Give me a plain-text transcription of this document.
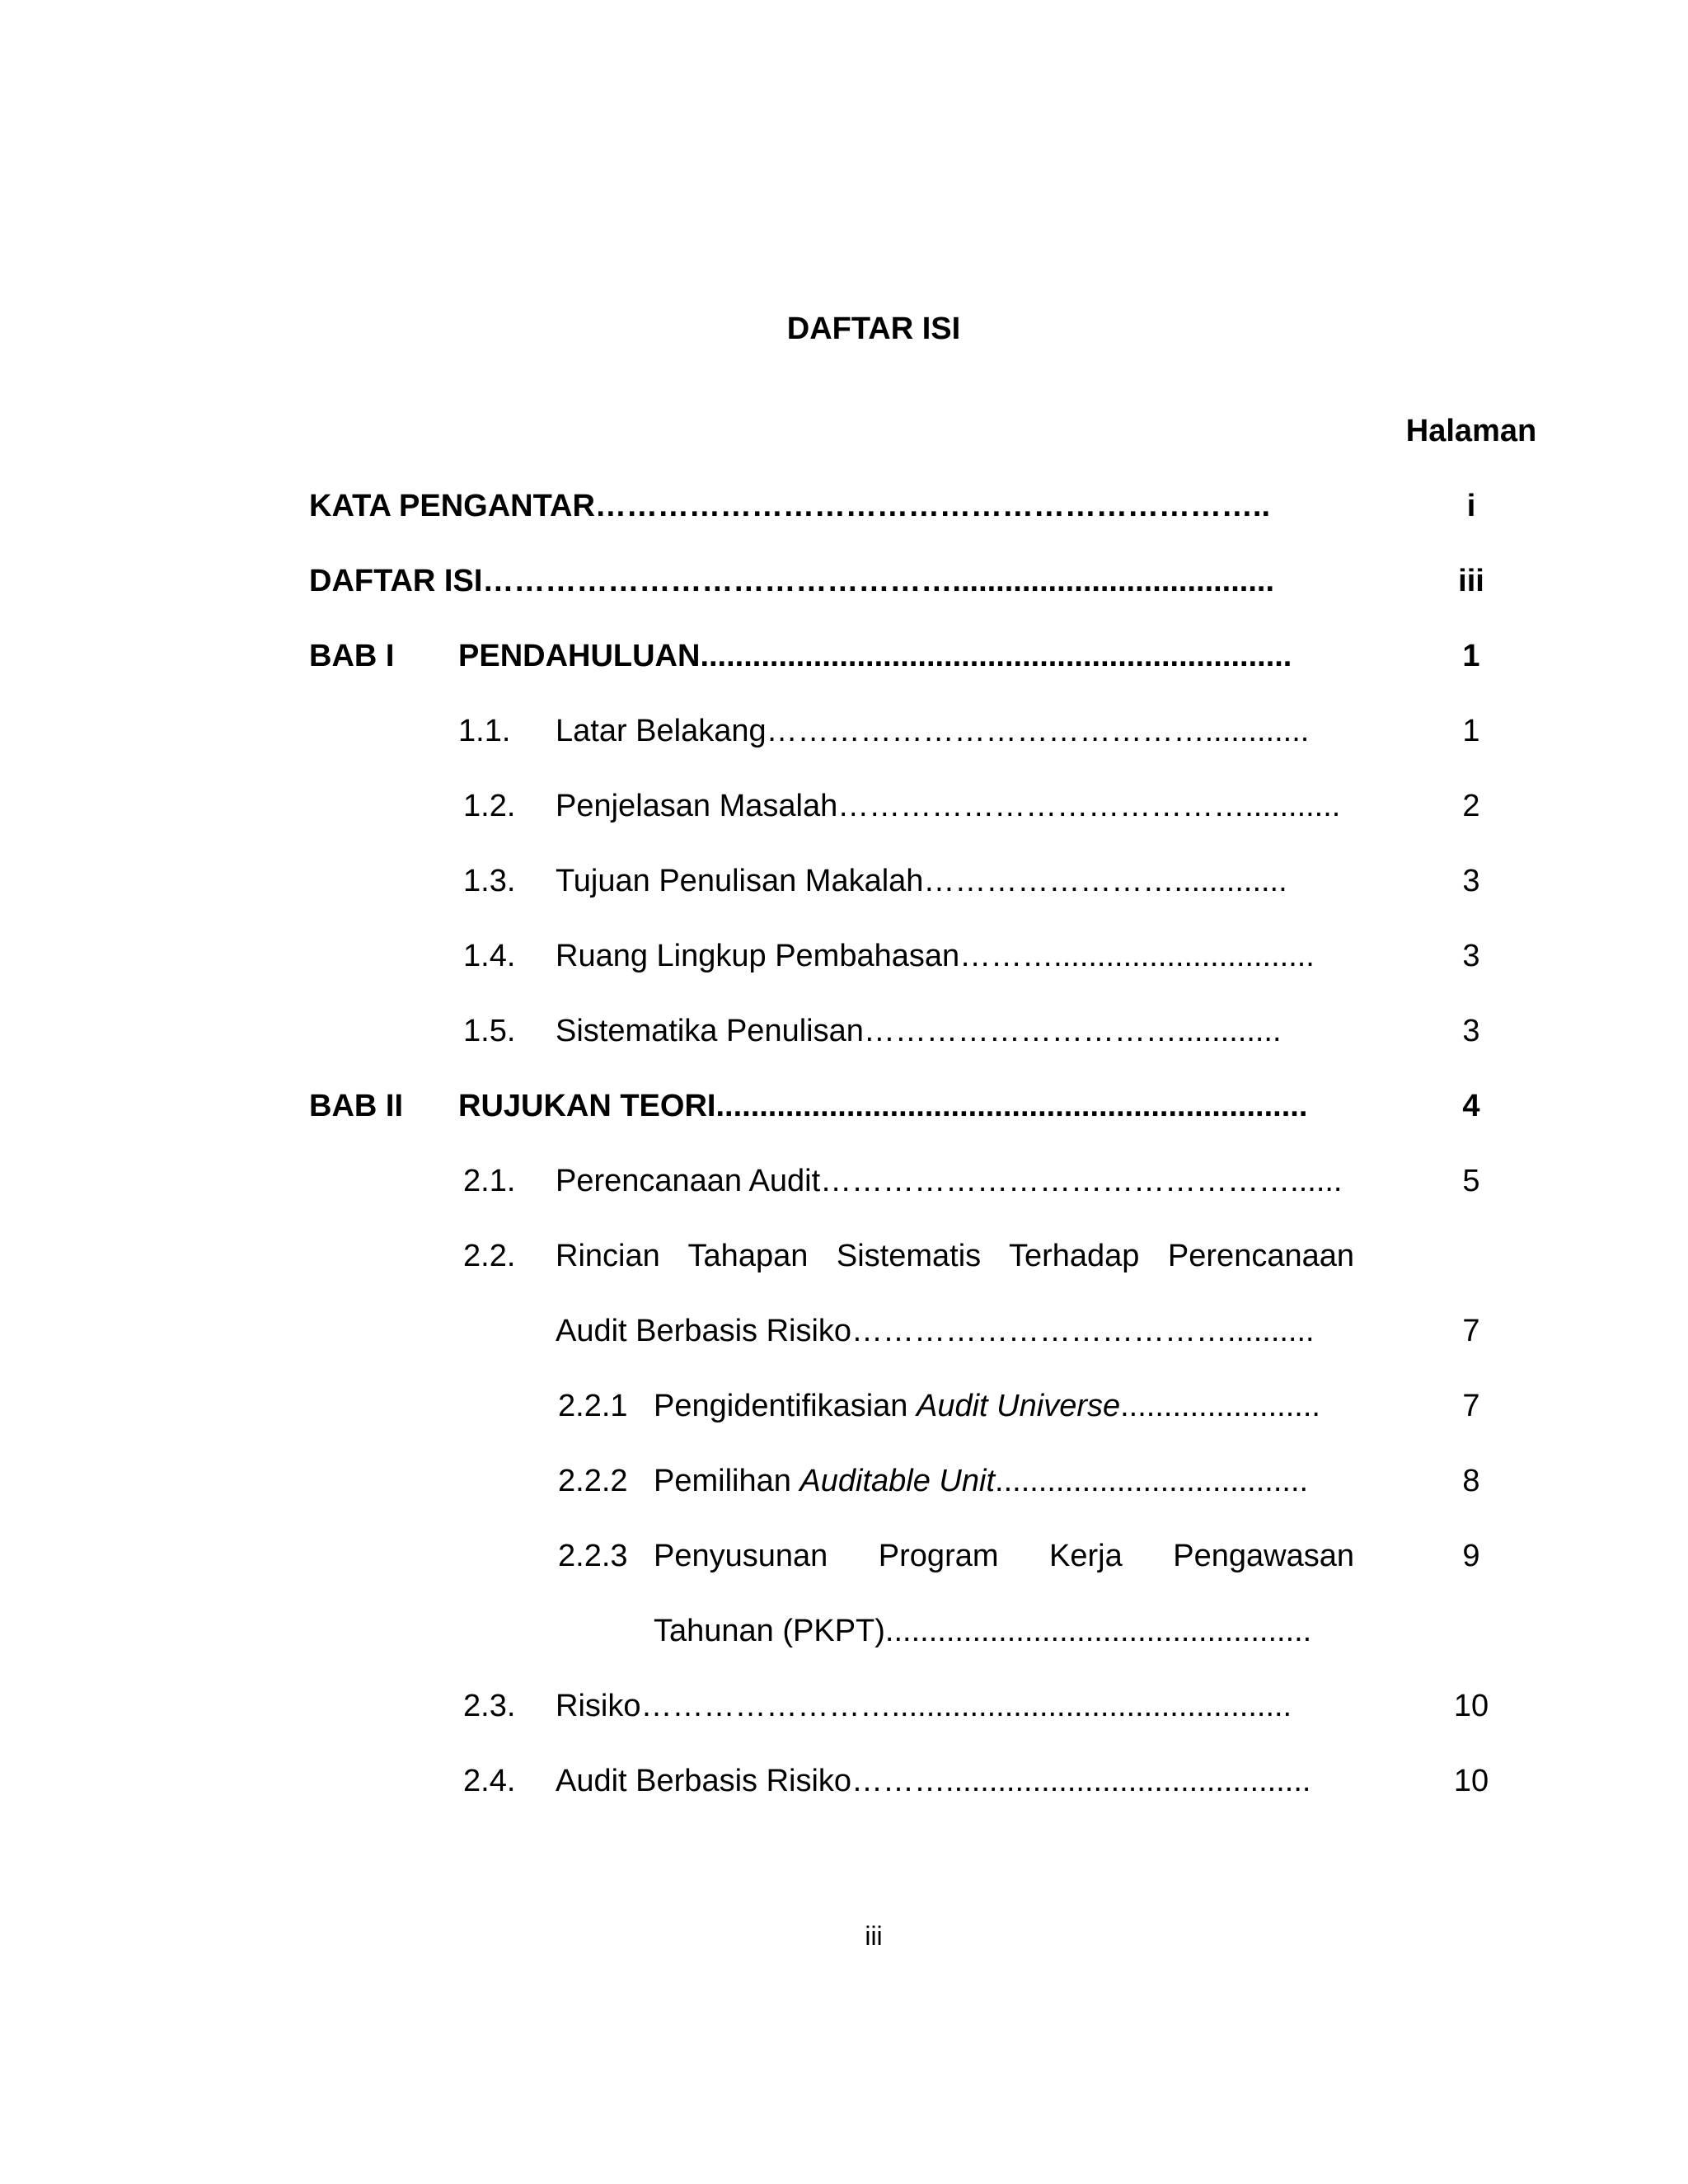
DAFTAR ISI
Halaman
KATA PENGANTAR………………………………………………………..	i
DAFTAR ISI……………………………………….....................................	iii
BAB I PENDAHULUAN....................................................................	1
1.1. Latar Belakang……………………………………............	1
1.2. Penjelasan Masalah…………………………………...........	2
1.3. Tujuan Penulisan Makalah…………………….............	3
1.4. Ruang Lingkup Pembahasan………..............................	3
1.5. Sistematika Penulisan…………………………............	3
BAB II RUJUKAN TEORI....................................................................	4
2.1. Perencanaan Audit………………………………………......	5
2.2. Rincian Tahapan Sistematis Terhadap Perencanaan
Audit Berbasis Risiko………………………………..........	7
2.2.1 Pengidentifikasian Audit Universe.......................	7
2.2.2 Pemilihan Auditable Unit....................................	8
2.2.3 Penyusunan Program Kerja Pengawasan	9
Tahunan (PKPT).................................................
2.3. Risiko……………………..............................................	10
2.4. Audit Berbasis Risiko………..........................................	10
iii
